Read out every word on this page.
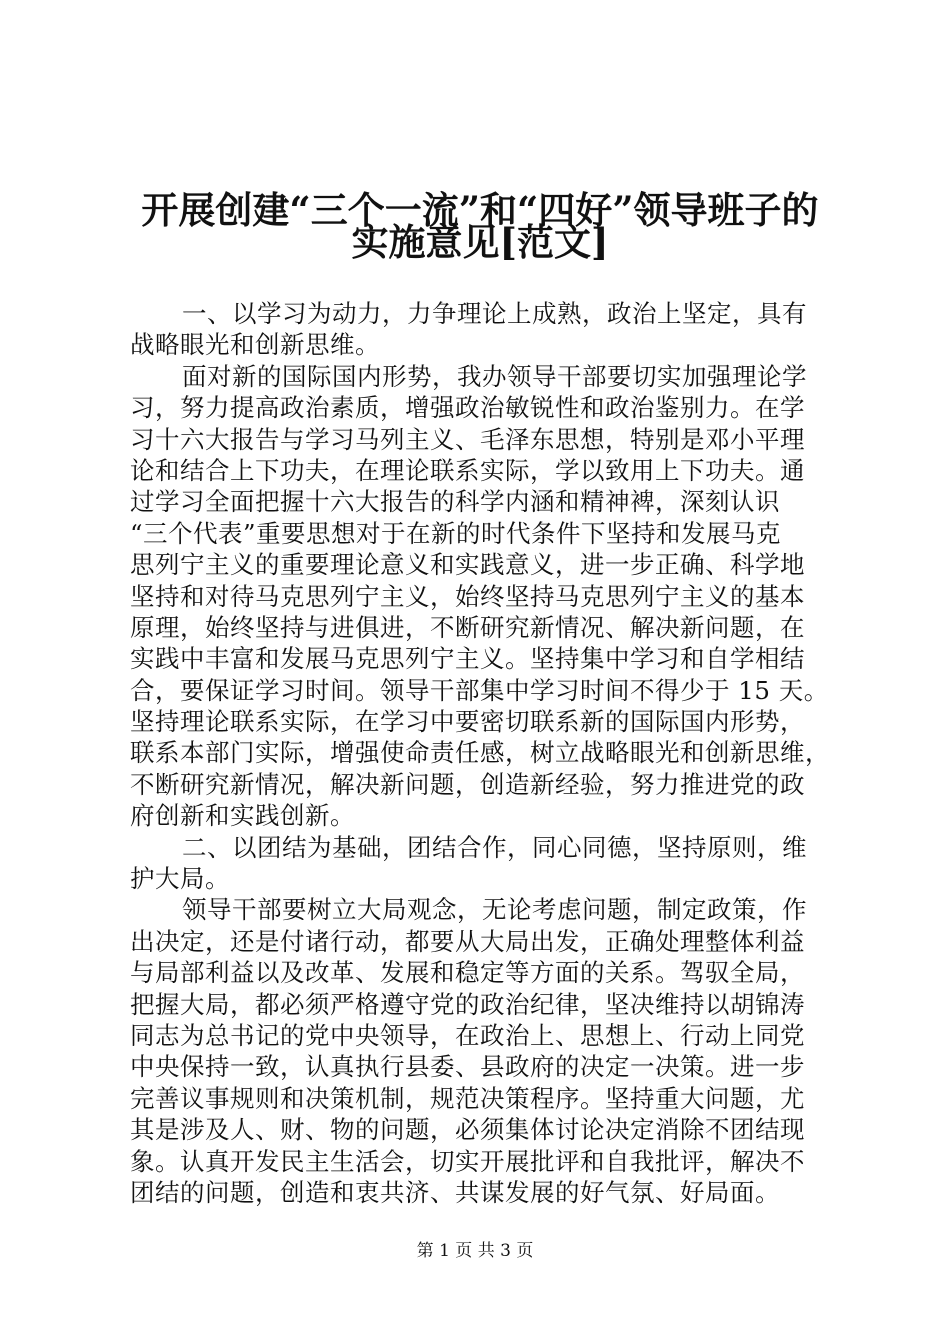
开展创建“三个一流”和“四好”领导班子的
实施意见[范文]
一、以学习为动力，力争理论上成熟，政治上坚定，具有
战略眼光和创新思维。
面对新的国际国内形势，我办领导干部要切实加强理论学
习，努力提高政治素质，增强政治敏锐性和政治鉴别力。在学
习十六大报告与学习马列主义、毛泽东思想，特别是邓小平理
论和结合上下功夫，在理论联系实际，学以致用上下功夫。通
过学习全面把握十六大报告的科学内涵和精神裨，深刻认识
“三个代表”重要思想对于在新的时代条件下坚持和发展马克
思列宁主义的重要理论意义和实践意义，进一步正确、科学地
坚持和对待马克思列宁主义，始终坚持马克思列宁主义的基本
原理，始终坚持与进俱进，不断研究新情况、解决新问题，在
实践中丰富和发展马克思列宁主义。坚持集中学习和自学相结
合，要保证学习时间。领导干部集中学习时间不得少于 15 天。
坚持理论联系实际，在学习中要密切联系新的国际国内形势，
联系本部门实际，增强使命责任感，树立战略眼光和创新思维，
不断研究新情况，解决新问题，创造新经验，努力推进党的政
府创新和实践创新。
二、以团结为基础，团结合作，同心同德，坚持原则，维
护大局。
领导干部要树立大局观念，无论考虑问题，制定政策，作
出决定，还是付诸行动，都要从大局出发，正确处理整体利益
与局部利益以及改革、发展和稳定等方面的关系。驾驭全局，
把握大局，都必须严格遵守党的政治纪律，坚决维持以胡锦涛
同志为总书记的党中央领导，在政治上、思想上、行动上同党
中央保持一致，认真执行县委、县政府的决定一决策。进一步
完善议事规则和决策机制，规范决策程序。坚持重大问题，尤
其是涉及人、财、物的问题，必须集体讨论决定消除不团结现
象。认真开发民主生活会，切实开展批评和自我批评，解决不
团结的问题，创造和衷共济、共谋发展的好气氛、好局面。
第 1 页 共 3 页
